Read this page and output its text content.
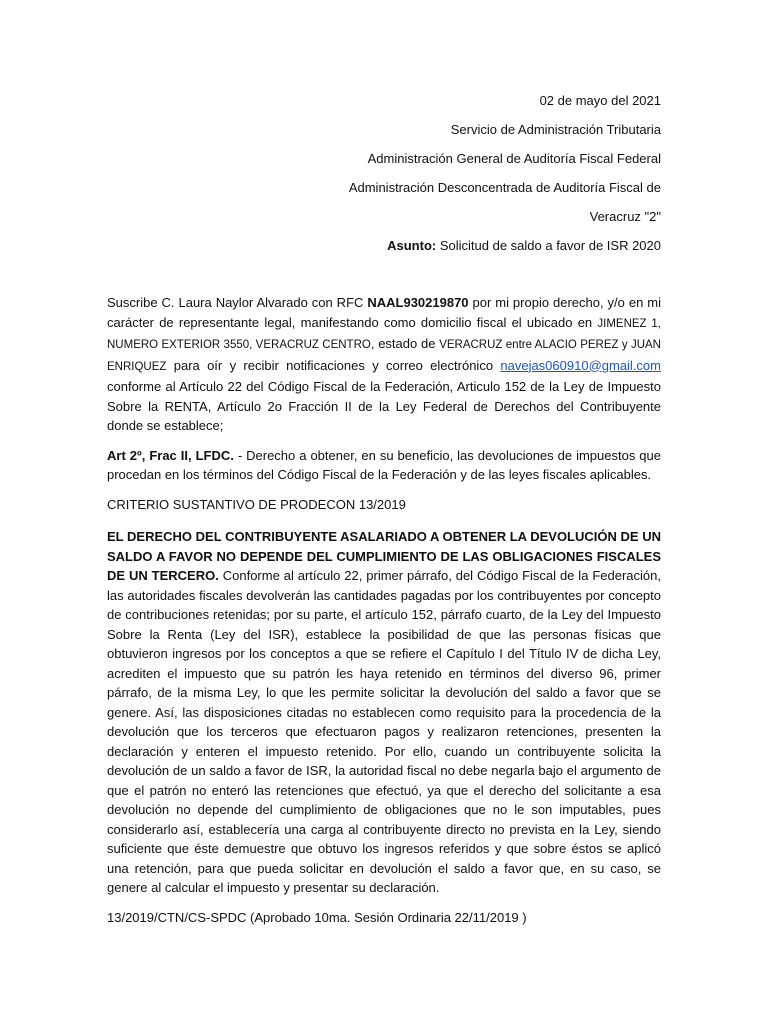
02 de mayo del 2021
Servicio de Administración Tributaria
Administración General de Auditoría Fiscal Federal
Administración Desconcentrada de Auditoría Fiscal de
Veracruz "2"
Asunto: Solicitud de saldo a favor de ISR 2020

Suscribe C. Laura Naylor Alvarado con RFC NAAL930219870 por mi propio derecho, y/o en mi carácter de representante legal, manifestando como domicilio fiscal el ubicado en JIMENEZ 1, NUMERO EXTERIOR 3550, VERACRUZ CENTRO, estado de VERACRUZ entre ALACIO PEREZ y JUAN ENRIQUEZ para oír y recibir notificaciones y correo electrónico navejas060910@gmail.com conforme al Artículo 22 del Código Fiscal de la Federación, Articulo 152 de la Ley de Impuesto Sobre la RENTA, Artículo 2o Fracción II de la Ley Federal de Derechos del Contribuyente donde se establece;

Art 2º, Frac II, LFDC. - Derecho a obtener, en su beneficio, las devoluciones de impuestos que procedan en los términos del Código Fiscal de la Federación y de las leyes fiscales aplicables.

CRITERIO SUSTANTIVO DE PRODECON 13/2019

EL DERECHO DEL CONTRIBUYENTE ASALARIADO A OBTENER LA DEVOLUCIÓN DE UN SALDO A FAVOR NO DEPENDE DEL CUMPLIMIENTO DE LAS OBLIGACIONES FISCALES DE UN TERCERO. Conforme al artículo 22, primer párrafo, del Código Fiscal de la Federación, las autoridades fiscales devolverán las cantidades pagadas por los contribuyentes por concepto de contribuciones retenidas; por su parte, el artículo 152, párrafo cuarto, de la Ley del Impuesto Sobre la Renta (Ley del ISR), establece la posibilidad de que las personas físicas que obtuvieron ingresos por los conceptos a que se refiere el Capítulo I del Título IV de dicha Ley, acrediten el impuesto que su patrón les haya retenido en términos del diverso 96, primer párrafo, de la misma Ley, lo que les permite solicitar la devolución del saldo a favor que se genere. Así, las disposiciones citadas no establecen como requisito para la procedencia de la devolución que los terceros que efectuaron pagos y realizaron retenciones, presenten la declaración y enteren el impuesto retenido. Por ello, cuando un contribuyente solicita la devolución de un saldo a favor de ISR, la autoridad fiscal no debe negarla bajo el argumento de que el patrón no enteró las retenciones que efectuó, ya que el derecho del solicitante a esa devolución no depende del cumplimiento de obligaciones que no le son imputables, pues considerarlo así, establecería una carga al contribuyente directo no prevista en la Ley, siendo suficiente que éste demuestre que obtuvo los ingresos referidos y que sobre éstos se aplicó una retención, para que pueda solicitar en devolución el saldo a favor que, en su caso, se genere al calcular el impuesto y presentar su declaración.

13/2019/CTN/CS-SPDC (Aprobado 10ma. Sesión Ordinaria 22/11/2019 )
